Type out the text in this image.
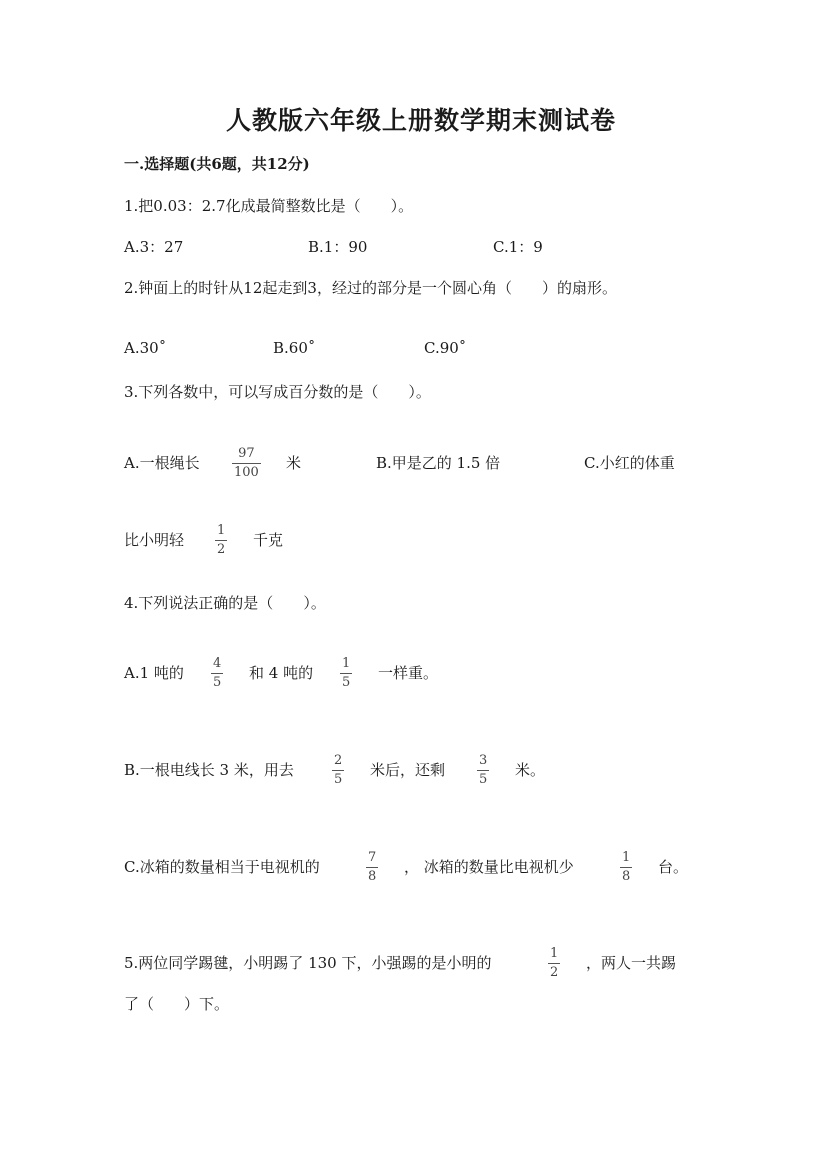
人教版六年级上册数学期末测试卷
一.选择题(共6题，共12分)
1.把0.03：2.7化成最简整数比是（　　）。
A.3：27	B.1：90	C.1：9
2.钟面上的时针从12起走到3，经过的部分是一个圆心角（　　）的扇形。
A.30˚	B.60˚	C.90˚
3.下列各数中，可以写成百分数的是（　　）。
A.一根绳长
97
100
米	B.甲是乙的 1.5 倍	C.小红的体重
比小明轻
1
2
千克
4.下列说法正确的是（　　）。
A.1 吨的
4
5
和 4 吨的
1
5
一样重。
B.一根电线长 3 米，用去
2
5
米后，还剩
3
5
米。
C.冰箱的数量相当于电视机的
7
8
， 冰箱的数量比电视机少
1
8
台。
5.两位同学踢毽，小明踢了 130 下，小强踢的是小明的
1
2
，两人一共踢
了（　　）下。
